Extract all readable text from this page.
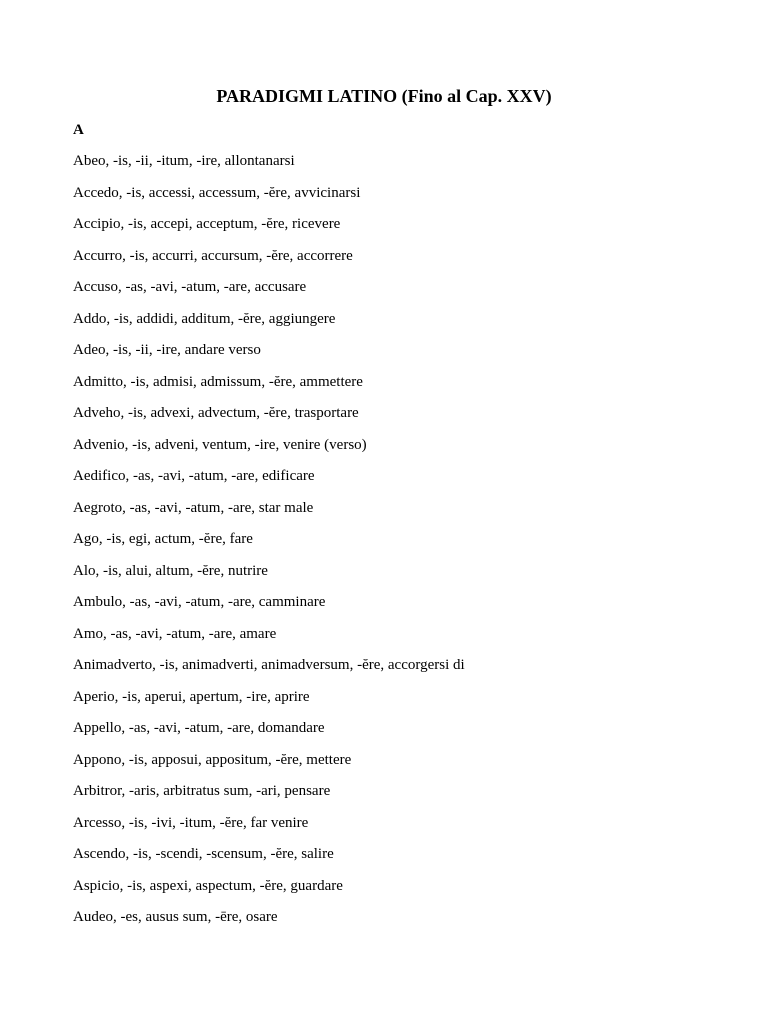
PARADIGMI LATINO (Fino al Cap. XXV)
A
Abeo, -is, -ii, -itum, -ire, allontanarsi
Accedo, -is, accessi, accessum, -ĕre, avvicinarsi
Accipio, -is, accepi, acceptum, -ĕre, ricevere
Accurro, -is, accurri, accursum, -ĕre, accorrere
Accuso, -as, -avi, -atum, -are, accusare
Addo, -is, addidi, additum, -ĕre, aggiungere
Adeo, -is, -ii, -ire, andare verso
Admitto, -is, admisi, admissum, -ĕre, ammettere
Adveho, -is, advexi, advectum, -ĕre, trasportare
Advenio, -is, adveni, ventum, -ire, venire (verso)
Aedifico, -as, -avi, -atum, -are, edificare
Aegroto, -as, -avi, -atum, -are, star male
Ago, -is, egi, actum, -ĕre, fare
Alo, -is, alui, altum, -ĕre, nutrire
Ambulo, -as, -avi, -atum, -are, camminare
Amo, -as, -avi, -atum, -are, amare
Animadverto, -is, animadverti, animadversum, -ĕre, accorgersi di
Aperio, -is, aperui, apertum, -ire, aprire
Appello, -as, -avi, -atum, -are, domandare
Appono, -is, apposui, appositum, -ĕre, mettere
Arbitror, -aris, arbitratus sum, -ari, pensare
Arcesso, -is, -ivi, -itum, -ĕre, far venire
Ascendo, -is, -scendi, -scensum, -ĕre, salire
Aspicio, -is, aspexi, aspectum, -ĕre, guardare
Audeo, -es, ausus sum, -ēre, osare
